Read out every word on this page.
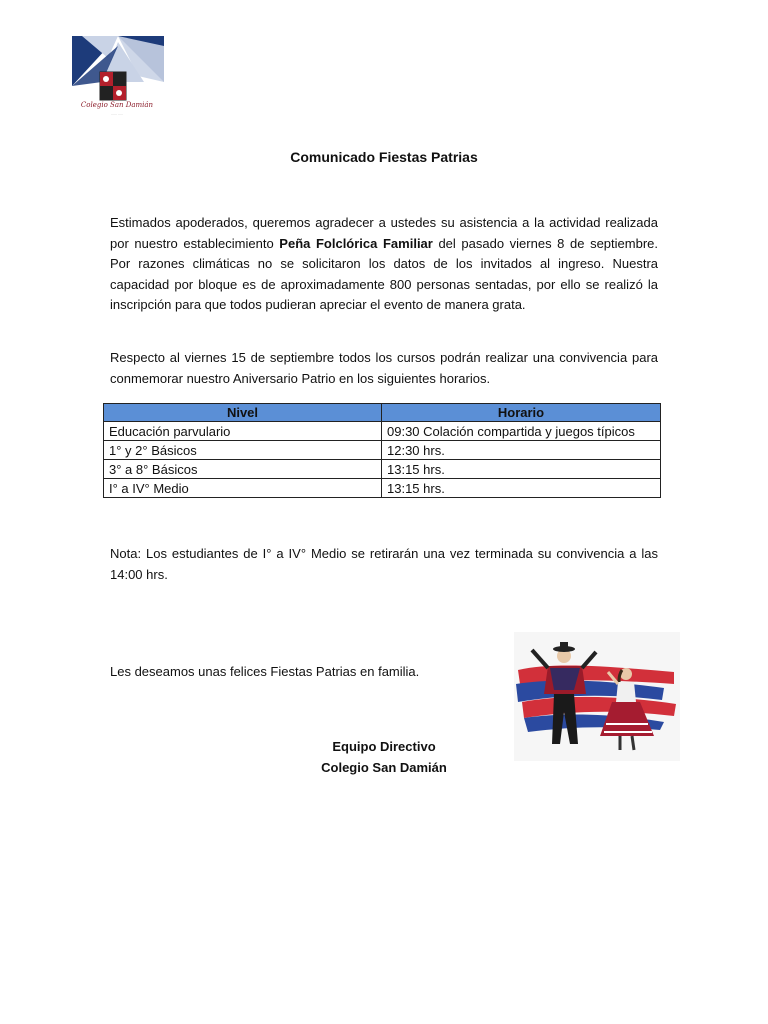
Colegio San Damián
······ ·····
Comunicado Fiestas Patrias

Estimados apoderados, queremos agradecer a ustedes su asistencia a la actividad realizada por nuestro establecimiento Peña Folclórica Familiar del pasado viernes 8 de septiembre. Por razones climáticas no se solicitaron los datos de los invitados al ingreso. Nuestra capacidad por bloque es de aproximadamente 800 personas sentadas, por ello se realizó la inscripción para que todos pudieran apreciar el evento de manera grata.

Respecto al viernes 15 de septiembre todos los cursos podrán realizar una convivencia para conmemorar nuestro Aniversario Patrio en los siguientes horarios.

Nivel	Horario
Educación parvulario	09:30 Colación compartida y juegos típicos
1° y 2° Básicos	12:30 hrs.
3° a 8° Básicos	13:15 hrs.
I° a IV° Medio	13:15 hrs.

Nota: Los estudiantes de I° a IV° Medio se retirarán una vez terminada su convivencia a las 14:00 hrs.

Les deseamos unas felices Fiestas Patrias en familia.

Equipo Directivo
Colegio San Damián
